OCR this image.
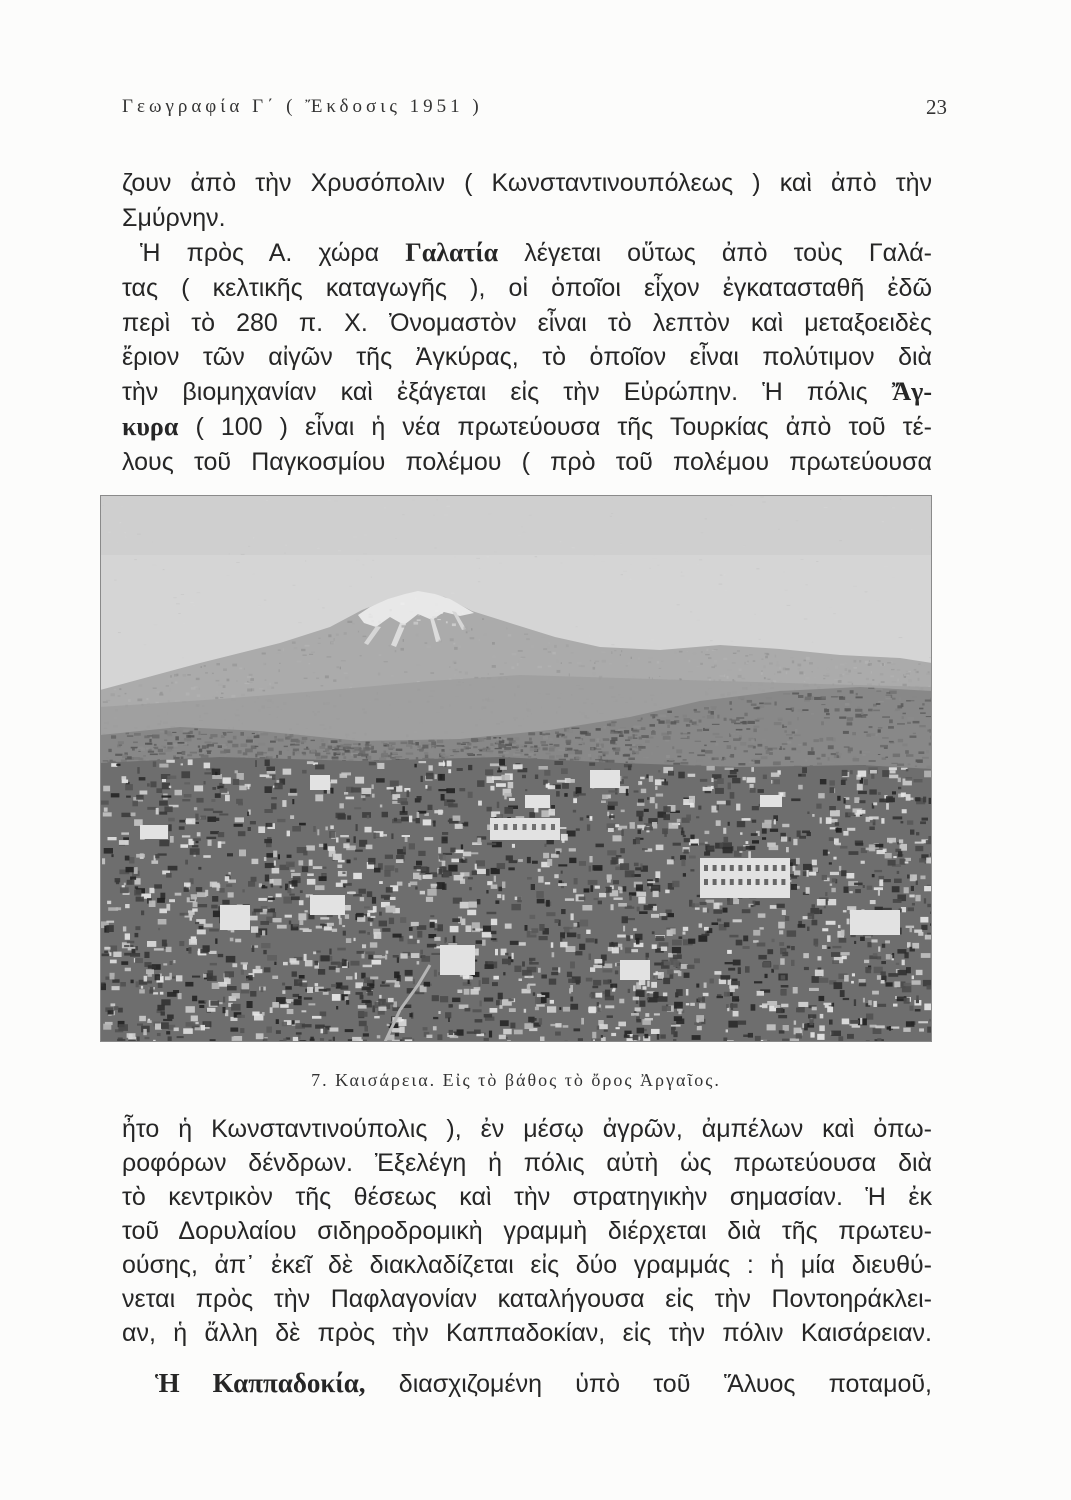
Γεωγραφία Γ΄ ( Ἔκδοσις 1951 )	23
ζουν ἀπὸ τὴν Χρυσόπολιν ( Κωνσταντινουπόλεως ) καὶ ἀπὸ τὴν
Σμύρνην.
Ἡ πρὸς Α. χώρα Γαλατία λέγεται οὕτως ἀπὸ τοὺς Γαλά-
τας ( κελτικῆς καταγωγῆς ), οἱ ὁποῖοι εἶχον ἐγκατασταθῆ ἐδῶ
περὶ τὸ 280 π. Χ. Ὀνομαστὸν εἶναι τὸ λεπτὸν καὶ μεταξοειδὲς
ἔριον τῶν αἰγῶν τῆς Ἀγκύρας, τὸ ὁποῖον εἶναι πολύτιμον διὰ
τὴν βιομηχανίαν καὶ ἐξάγεται εἰς τὴν Εὐρώπην. Ἡ πόλις Ἄγ-
κυρα ( 100 ) εἶναι ἡ νέα πρωτεύουσα τῆς Τουρκίας ἀπὸ τοῦ τέ-
λους τοῦ Παγκοσμίου πολέμου ( πρὸ τοῦ πολέμου πρωτεύουσα
7. Καισάρεια. Εἰς τὸ βάθος τὸ ὄρος Ἀργαῖος.
ἦτο ἡ Κωνσταντινούπολις ), ἐν μέσῳ ἀγρῶν, ἀμπέλων καὶ ὀπω-
ροφόρων δένδρων. Ἐξελέγη ἡ πόλις αὐτὴ ὡς πρωτεύουσα διὰ
τὸ κεντρικὸν τῆς θέσεως καὶ τὴν στρατηγικὴν σημασίαν. Ἡ ἐκ
τοῦ Δορυλαίου σιδηροδρομικὴ γραμμὴ διέρχεται διὰ τῆς πρωτευ-
ούσης, ἀπ᾿ ἐκεῖ δὲ διακλαδίζεται εἰς δύο γραμμάς : ἡ μία διευθύ-
νεται πρὸς τὴν Παφλαγονίαν καταλήγουσα εἰς τὴν Ποντοηράκλει-
αν, ἡ ἄλλη δὲ πρὸς τὴν Καππαδοκίαν, εἰς τὴν πόλιν Καισάρειαν.
Ἡ Καππαδοκία, διασχιζομένη ὑπὸ τοῦ Ἅλυος ποταμοῦ,
